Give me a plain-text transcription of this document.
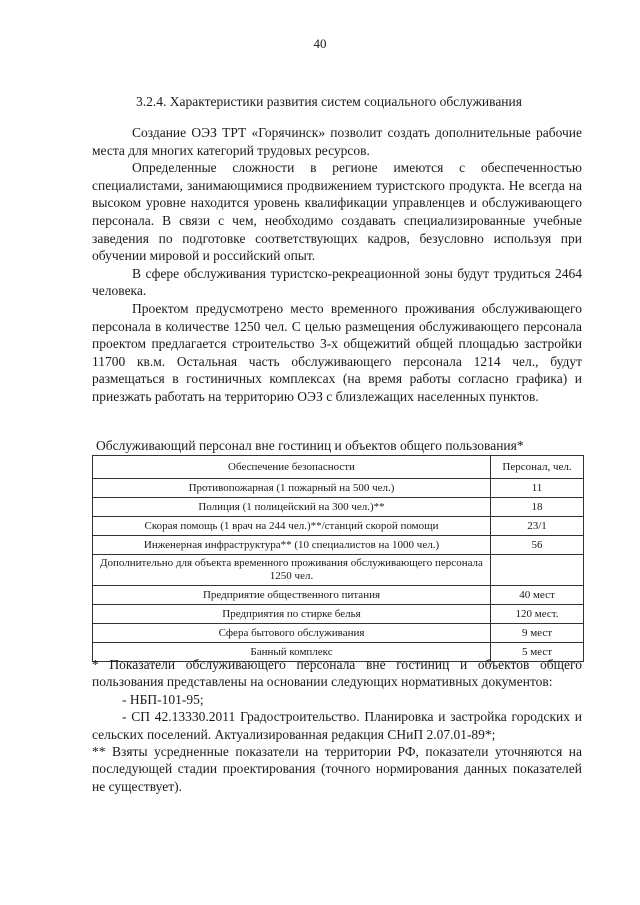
40
3.2.4. Характеристики развития систем социального обслуживания

Создание ОЭЗ ТРТ «Горячинск» позволит создать дополнительные рабочие места для многих категорий трудовых ресурсов.

Определенные сложности в регионе имеются с обеспеченностью специалистами, занимающимися продвижением туристского продукта. Не всегда на высоком уровне находится уровень квалификации управленцев и обслуживающего персонала. В связи с чем, необходимо создавать специализированные учебные заведения по подготовке соответствующих кадров, безусловно используя при обучении мировой и российский опыт.

В сфере обслуживания туристско-рекреационной зоны будут трудиться 2464 человека.

Проектом предусмотрено место временного проживания обслуживающего персонала в количестве 1250 чел. С целью размещения обслуживающего персонала проектом предлагается строительство 3-х общежитий общей площадью застройки 11700 кв.м. Остальная часть обслуживающего персонала 1214 чел., будут размещаться в гостиничных комплексах (на время работы согласно графика) и приезжать работать на территорию ОЭЗ с близлежащих населенных пунктов.

Обслуживающий персонал вне гостиниц и объектов общего пользования*
Обеспечение безопасности	Персонал, чел.
Противопожарная (1 пожарный на 500 чел.)	11
Полиция (1 полицейский на 300 чел.)**	18
Скорая помощь (1 врач на 244 чел.)**/станций скорой помощи	23/1
Инженерная инфраструктура** (10 специалистов на 1000 чел.)	56
Дополнительно для объекта временного проживания обслуживающего персонала 1250 чел.	
Предприятие общественного питания	40 мест
Предприятия по стирке белья	120 мест.
Сфера бытового обслуживания	9 мест
Банный комплекс	5 мест

* Показатели обслуживающего персонала вне гостиниц и объектов общего пользования представлены на основании следующих нормативных документов:

- НБП-101-95;

- СП 42.13330.2011 Градостроительство. Планировка и застройка городских и сельских поселений. Актуализированная редакция СНиП 2.07.01-89*;

** Взяты усредненные показатели на территории РФ, показатели уточняются на последующей стадии проектирования (точного нормирования данных показателей не существует).
